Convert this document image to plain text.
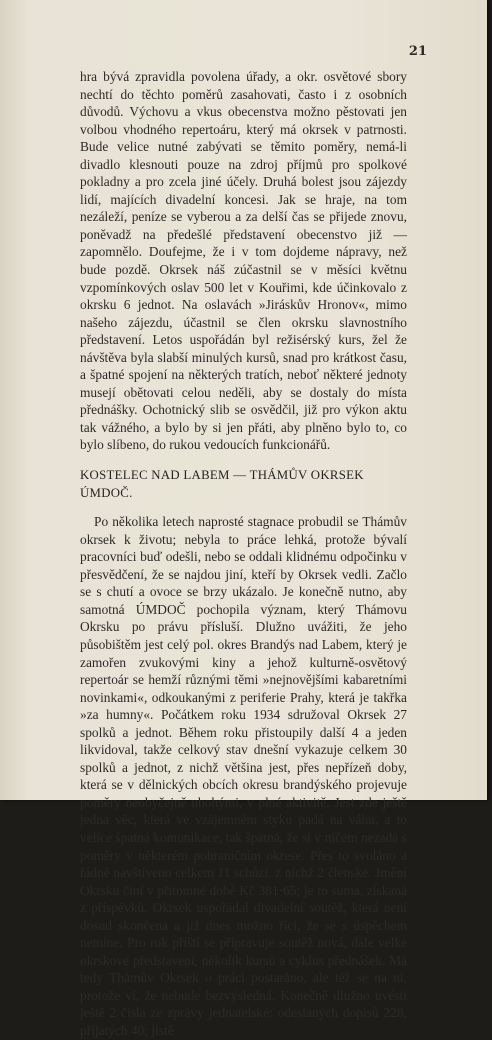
21

hra bývá zpravidla povolena úřady, a okr. osvětové sbory nechtí do těchto poměrů zasahovati, často i z osobních důvodů. Výchovu a vkus obecenstva možno pěstovati jen volbou vhodného repertoáru, který má okrsek v patrnosti. Bude velice nutné zabývati se těmito poměry, nemá-li divadlo klesnouti pouze na zdroj příjmů pro spolkové pokladny a pro zcela jiné účely. Druhá bolest jsou zájezdy lidí, majících divadelní koncesi. Jak se hraje, na tom nezáleží, peníze se vyberou a za delší čas se přijede znovu, poněvadž na předešlé představení obecenstvo již — zapomnělo. Doufejme, že i v tom dojdeme nápravy, než bude pozdě. Okrsek náš zúčastnil se v měsíci květnu vzpomínkových oslav 500 let v Kouřimi, kde účinkovalo z okrsku 6 jednot. Na oslavách »Jiráskův Hronov«, mimo našeho zájezdu, účastnil se člen okrsku slavnostního představení. Letos uspořádán byl režisérský kurs, žel že návštěva byla slabší minulých kursů, snad pro krátkost času, a špatné spojení na některých tratích, neboť některé jednoty musejí obětovati celou neděli, aby se dostaly do místa přednášky. Ochotnický slib se osvědčil, již pro výkon aktu tak vážného, a bylo by si jen přáti, aby plněno bylo to, co bylo slíbeno, do rukou vedoucích funkcionářů.

KOSTELEC NAD LABEM — THÁMŮV OKRSEK ÚMDOČ.

Po několika letech naprosté stagnace probudil se Thámův okrsek k životu; nebyla to práce lehká, protože bývalí pracovníci buď odešli, nebo se oddali klidnému odpočinku v přesvědčení, že se najdou jiní, kteří by Okrsek vedli. Začlo se s chutí a ovoce se brzy ukázalo. Je konečně nutno, aby samotná ÚMDOČ pochopila význam, který Thámovu Okrsku po právu přísluší. Dlužno uvážiti, že jeho působištěm jest celý pol. okres Brandýs nad Labem, který je zamořen zvukovými kiny a jehož kulturně-osvětový repertoár se hemží různými těmi »nejnovějšími kabaretními novinkami«, odkoukanými z periferie Prahy, která je takřka »za humny«. Počátkem roku 1934 sdružoval Okrsek 27 spolků a jednot. Během roku přistoupily další 4 a jeden likvidoval, takže celkový stav dnešní vykazuje celkem 30 spolků a jednot, z nichž většina jest, přes nepřízeň doby, která se v dělnických obcích okresu brandýského projevuje poměry neobyčejně ubohými, v plné aktivitě. Jest zde ještě jedna věc, která ve vzájemném styku padá na váhu, a to velice špatná komunikace, tak špatná, že si v ničem nezadá s poměry v některém pohraničním okrese. Přes to svoláno a řádně navštíveno celkem 11 schůzí, z nichž 2 členské. Jmění Okrsku činí v přítomné době Kč 381·65; je to suma, získaná z příspěvků. Okrsek uspořádal divadelní soutěž, která není dosud skončena a již dnes možno říci, že se s úspěchem nemine. Pro rok příští se připravuje soutěž nová, dále velké okrskové představení, několik kursů a cyklus přednášek. Má tedy Thámův Okrsek o práci postaráno, ale též se na ni, protože ví, že nebude bezvýsledná. Konečně dlužno uvésti ještě 2 čísla ze zprávy jednatelské: odeslaných dopisů 228, přijatých 40; jistě
